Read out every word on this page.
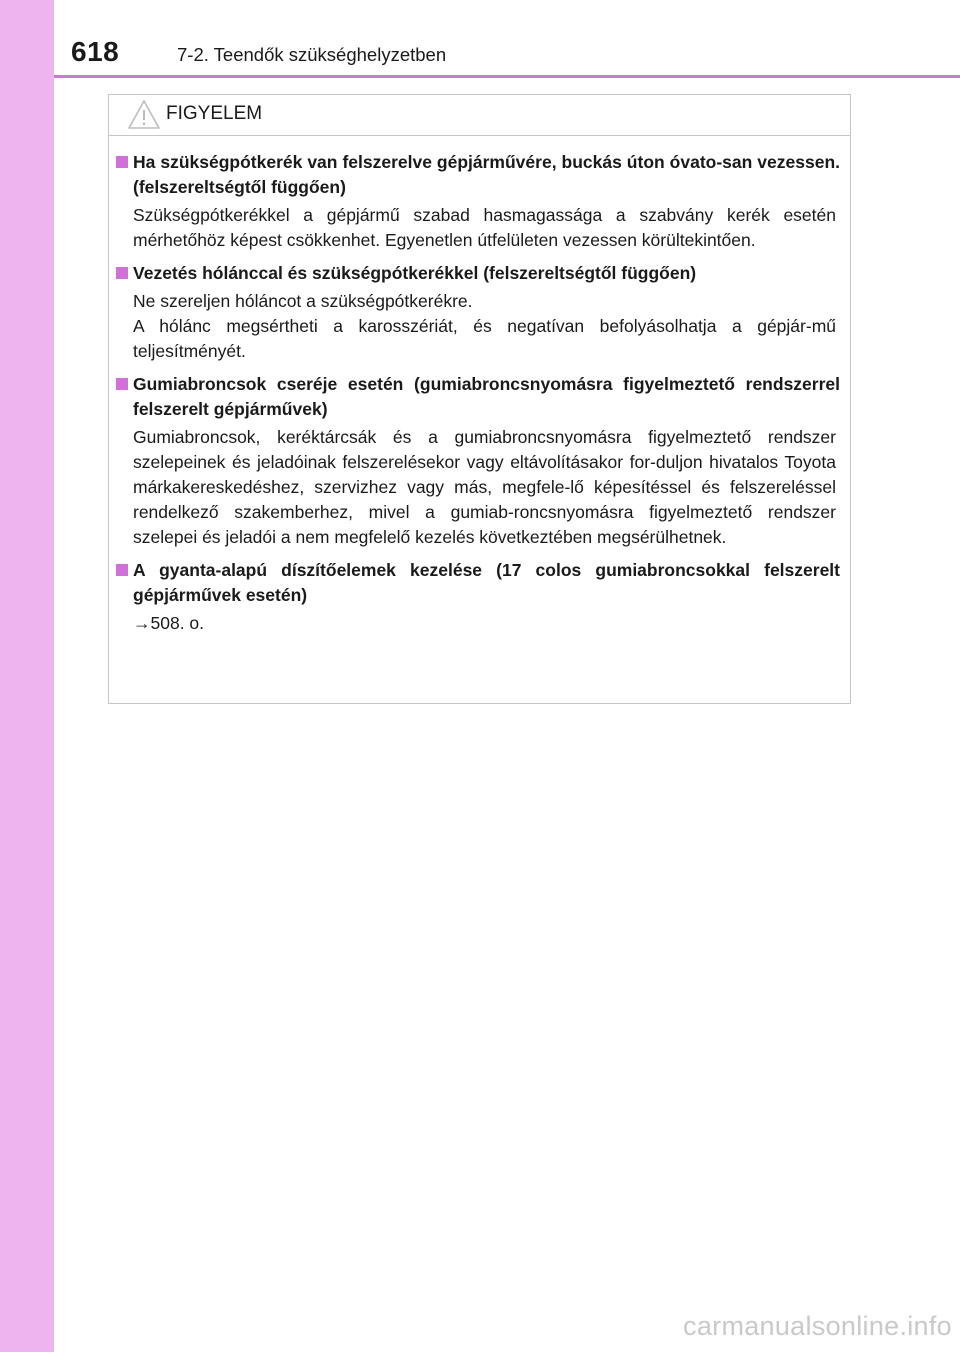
618	7-2. Teendők szükséghelyzetben
FIGYELEM
Ha szükségpótkerék van felszerelve gépjárművére, buckás úton óvato-san vezessen. (felszereltségtől függően)

Szükségpótkerékkel a gépjármű szabad hasmagassága a szabvány kerék esetén mérhetőhöz képest csökkenhet. Egyenetlen útfelületen vezessen körültekintően.

Vezetés hólánccal és szükségpótkerékkel (felszereltségtől függően)

Ne szereljen hóláncot a szükségpótkerékre.

A hólánc megsértheti a karosszériát, és negatívan befolyásolhatja a gépjár-mű teljesítményét.

Gumiabroncsok cseréje esetén (gumiabroncsnyomásra figyelmeztető rendszerrel felszerelt gépjárművek)

Gumiabroncsok, keréktárcsák és a gumiabroncsnyomásra figyelmeztető rendszer szelepeinek és jeladóinak felszerelésekor vagy eltávolításakor for-duljon hivatalos Toyota márkakereskedéshez, szervizhez vagy más, megfele-lő képesítéssel és felszereléssel rendelkező szakemberhez, mivel a gumiab-roncsnyomásra figyelmeztető rendszer szelepei és jeladói a nem megfelelő kezelés következtében megsérülhetnek.

A gyanta-alapú díszítőelemek kezelése (17 colos gumiabroncsokkal felszerelt gépjárművek esetén)

→508. o.

carmanualsonline.info
